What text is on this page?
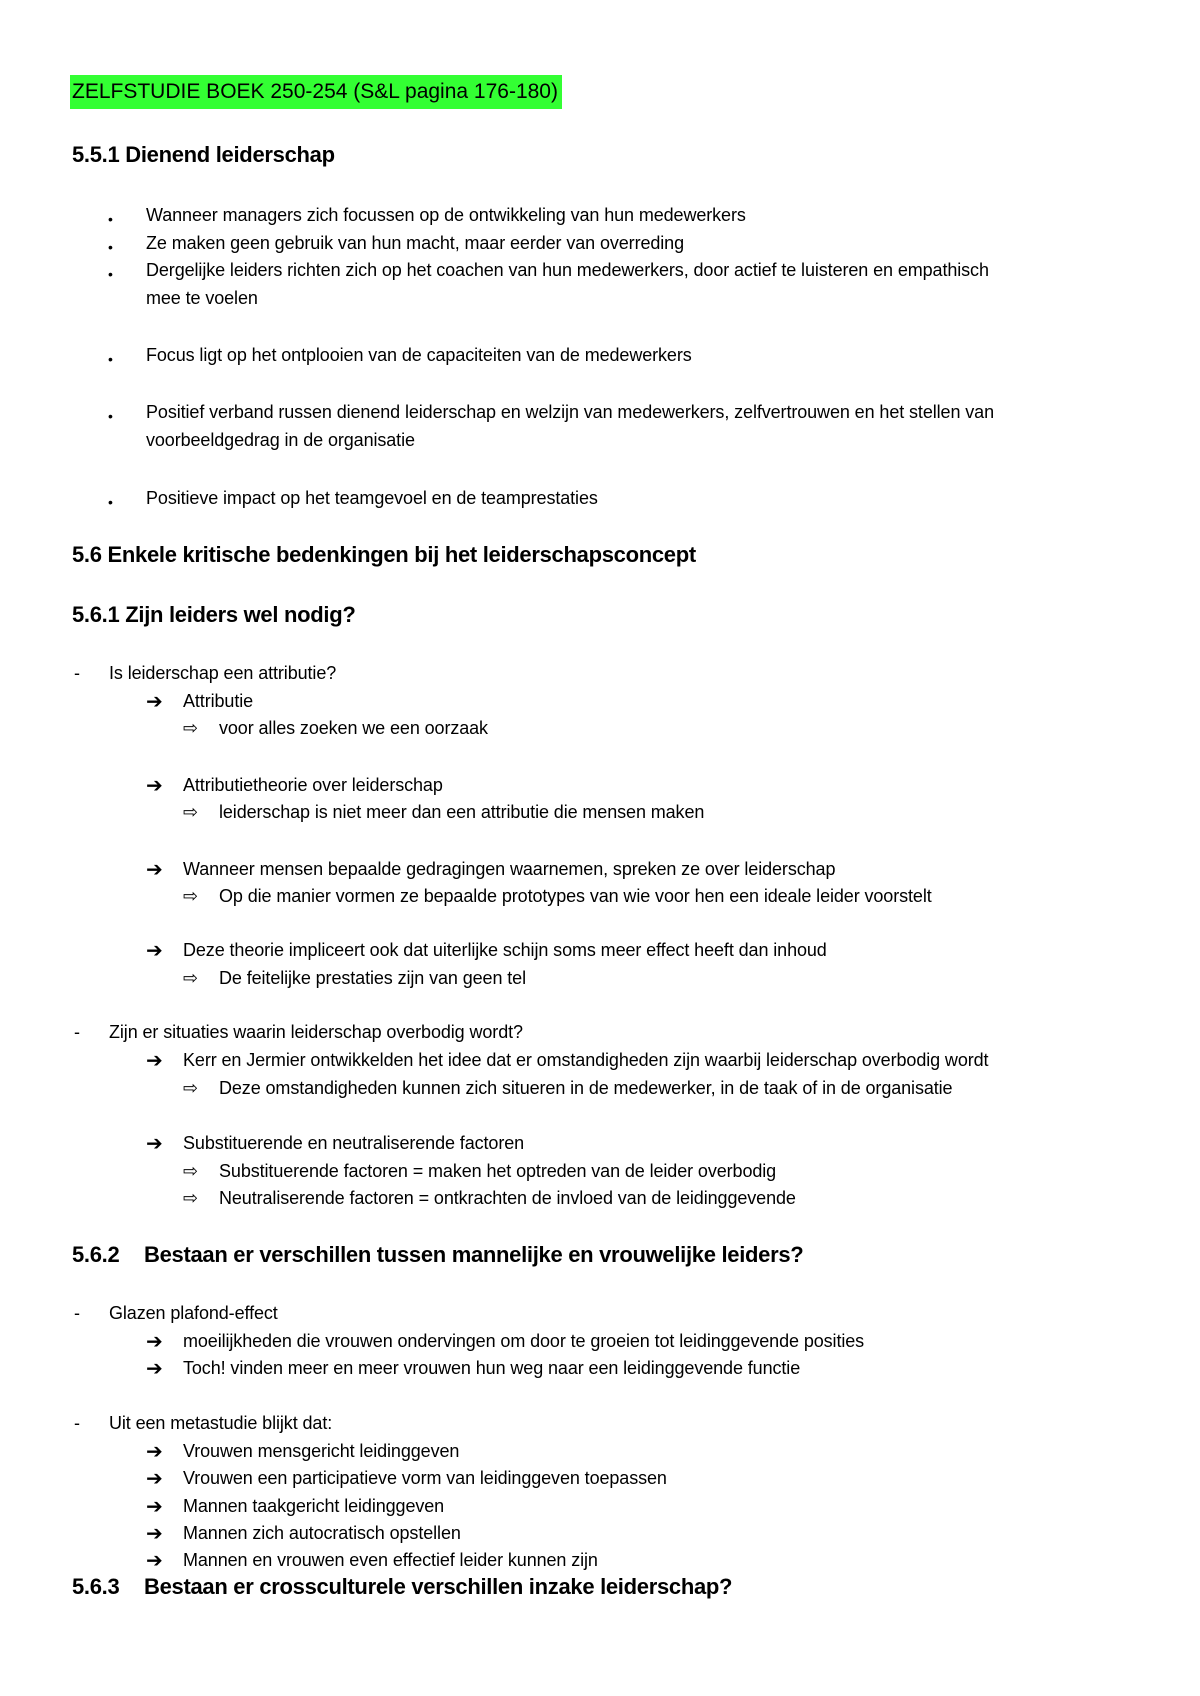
ZELFSTUDIE BOEK 250-254 (S&L pagina 176-180)
5.5.1 Dienend leiderschap
• Wanneer managers zich focussen op de ontwikkeling van hun medewerkers
• Ze maken geen gebruik van hun macht, maar eerder van overreding
• Dergelijke leiders richten zich op het coachen van hun medewerkers, door actief te luisteren en empathisch
mee te voelen
• Focus ligt op het ontplooien van de capaciteiten van de medewerkers
• Positief verband russen dienend leiderschap en welzijn van medewerkers, zelfvertrouwen en het stellen van
voorbeeldgedrag in de organisatie
• Positieve impact op het teamgevoel en de teamprestaties
5.6 Enkele kritische bedenkingen bij het leiderschapsconcept
5.6.1 Zijn leiders wel nodig?
- Is leiderschap een attributie?
➔ Attributie
⇨ voor alles zoeken we een oorzaak
➔ Attributietheorie over leiderschap
⇨ leiderschap is niet meer dan een attributie die mensen maken
➔ Wanneer mensen bepaalde gedragingen waarnemen, spreken ze over leiderschap
⇨ Op die manier vormen ze bepaalde prototypes van wie voor hen een ideale leider voorstelt
➔ Deze theorie impliceert ook dat uiterlijke schijn soms meer effect heeft dan inhoud
⇨ De feitelijke prestaties zijn van geen tel
- Zijn er situaties waarin leiderschap overbodig wordt?
➔ Kerr en Jermier ontwikkelden het idee dat er omstandigheden zijn waarbij leiderschap overbodig wordt
⇨ Deze omstandigheden kunnen zich situeren in de medewerker, in de taak of in de organisatie
➔ Substituerende en neutraliserende factoren
⇨ Substituerende factoren = maken het optreden van de leider overbodig
⇨ Neutraliserende factoren = ontkrachten de invloed van de leidinggevende
5.6.2 Bestaan er verschillen tussen mannelijke en vrouwelijke leiders?
- Glazen plafond-effect
➔ moeilijkheden die vrouwen ondervingen om door te groeien tot leidinggevende posities
➔ Toch! vinden meer en meer vrouwen hun weg naar een leidinggevende functie
- Uit een metastudie blijkt dat:
➔ Vrouwen mensgericht leidinggeven
➔ Vrouwen een participatieve vorm van leidinggeven toepassen
➔ Mannen taakgericht leidinggeven
➔ Mannen zich autocratisch opstellen
➔ Mannen en vrouwen even effectief leider kunnen zijn
5.6.3 Bestaan er crossculturele verschillen inzake leiderschap?
